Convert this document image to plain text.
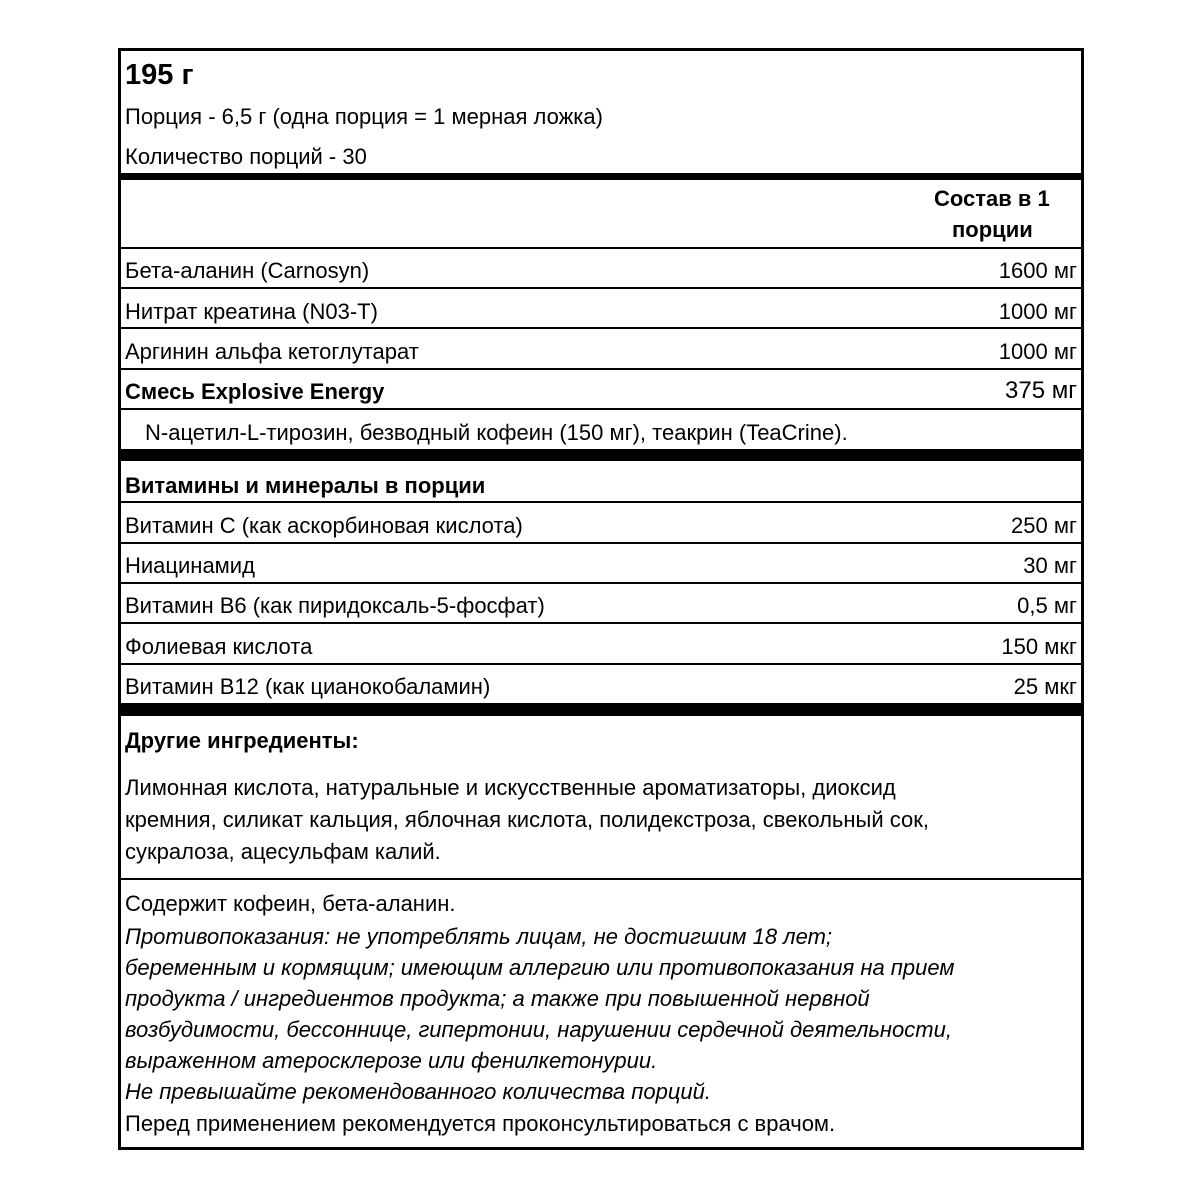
195 г
Порция - 6,5 г (одна порция = 1 мерная ложка)
Количество порций - 30
Состав в 1
порции
Бета-аланин (Carnosyn)	1600 мг
Нитрат креатина (N03-T)	1000 мг
Аргинин альфа кетоглутарат	1000 мг
Смесь Explosive Energy	375 мг
N-ацетил-L-тирозин, безводный кофеин (150 мг), теакрин (TeaCrine).
Витамины и минералы в порции
Витамин С (как аскорбиновая кислота)	250 мг
Ниацинамид	30 мг
Витамин В6 (как пиридоксаль-5-фосфат)	0,5 мг
Фолиевая кислота	150 мкг
Витамин В12 (как цианокобаламин)	25 мкг
Другие ингредиенты:
Лимонная кислота, натуральные и искусственные ароматизаторы, диоксид
кремния, силикат кальция, яблочная кислота, полидекстроза, свекольный сок,
сукралоза, ацесульфам калий.
Содержит кофеин, бета-аланин.
Противопоказания: не употреблять лицам, не достигшим 18 лет;
беременным и кормящим; имеющим аллергию или противопоказания на прием
продукта / ингредиентов продукта; а также при повышенной нервной
возбудимости, бессоннице, гипертонии, нарушении сердечной деятельности,
выраженном атеросклерозе или фенилкетонурии.
Не превышайте рекомендованного количества порций.
Перед применением рекомендуется проконсультироваться с врачом.
